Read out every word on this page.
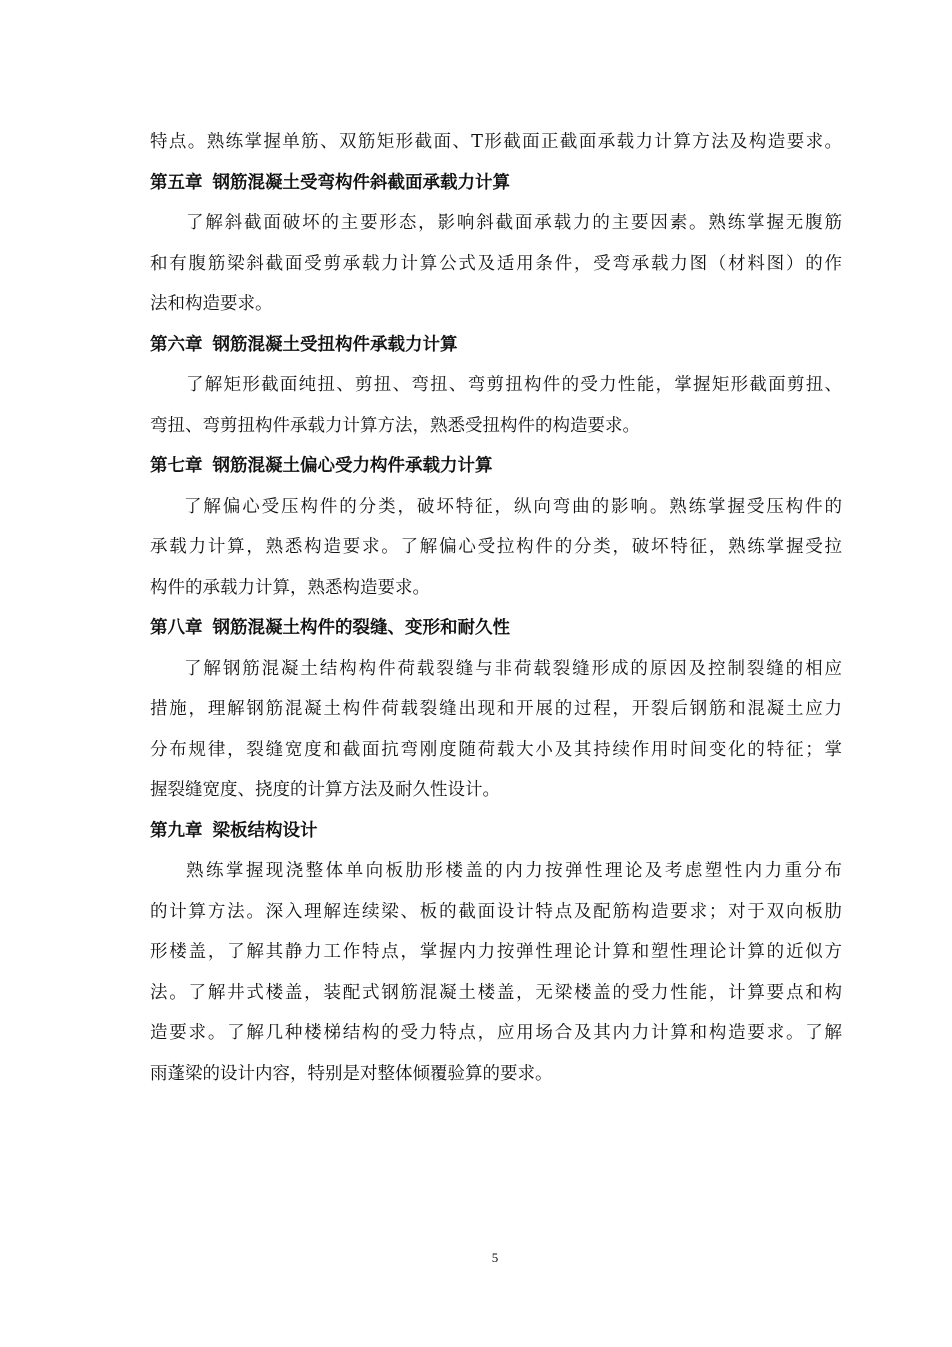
特点。熟练掌握单筋、双筋矩形截面、T形截面正截面承载力计算方法及构造要求。
第五章 钢筋混凝土受弯构件斜截面承载力计算
了解斜截面破坏的主要形态，影响斜截面承载力的主要因素。熟练掌握无腹筋
和有腹筋梁斜截面受剪承载力计算公式及适用条件，受弯承载力图（材料图）的作
法和构造要求。
第六章 钢筋混凝土受扭构件承载力计算
了解矩形截面纯扭、剪扭、弯扭、弯剪扭构件的受力性能，掌握矩形截面剪扭、
弯扭、弯剪扭构件承载力计算方法，熟悉受扭构件的构造要求。
第七章 钢筋混凝土偏心受力构件承载力计算
了解偏心受压构件的分类，破坏特征，纵向弯曲的影响。熟练掌握受压构件的
承载力计算，熟悉构造要求。了解偏心受拉构件的分类，破坏特征，熟练掌握受拉
构件的承载力计算，熟悉构造要求。
第八章 钢筋混凝土构件的裂缝、变形和耐久性
了解钢筋混凝土结构构件荷载裂缝与非荷载裂缝形成的原因及控制裂缝的相应
措施，理解钢筋混凝土构件荷载裂缝出现和开展的过程，开裂后钢筋和混凝土应力
分布规律，裂缝宽度和截面抗弯刚度随荷载大小及其持续作用时间变化的特征；掌
握裂缝宽度、挠度的计算方法及耐久性设计。
第九章 梁板结构设计
熟练掌握现浇整体单向板肋形楼盖的内力按弹性理论及考虑塑性内力重分布
的计算方法。深入理解连续梁、板的截面设计特点及配筋构造要求；对于双向板肋
形楼盖，了解其静力工作特点，掌握内力按弹性理论计算和塑性理论计算的近似方
法。了解井式楼盖，装配式钢筋混凝土楼盖，无梁楼盖的受力性能，计算要点和构
造要求。了解几种楼梯结构的受力特点，应用场合及其内力计算和构造要求。了解
雨蓬梁的设计内容，特别是对整体倾覆验算的要求。
5
